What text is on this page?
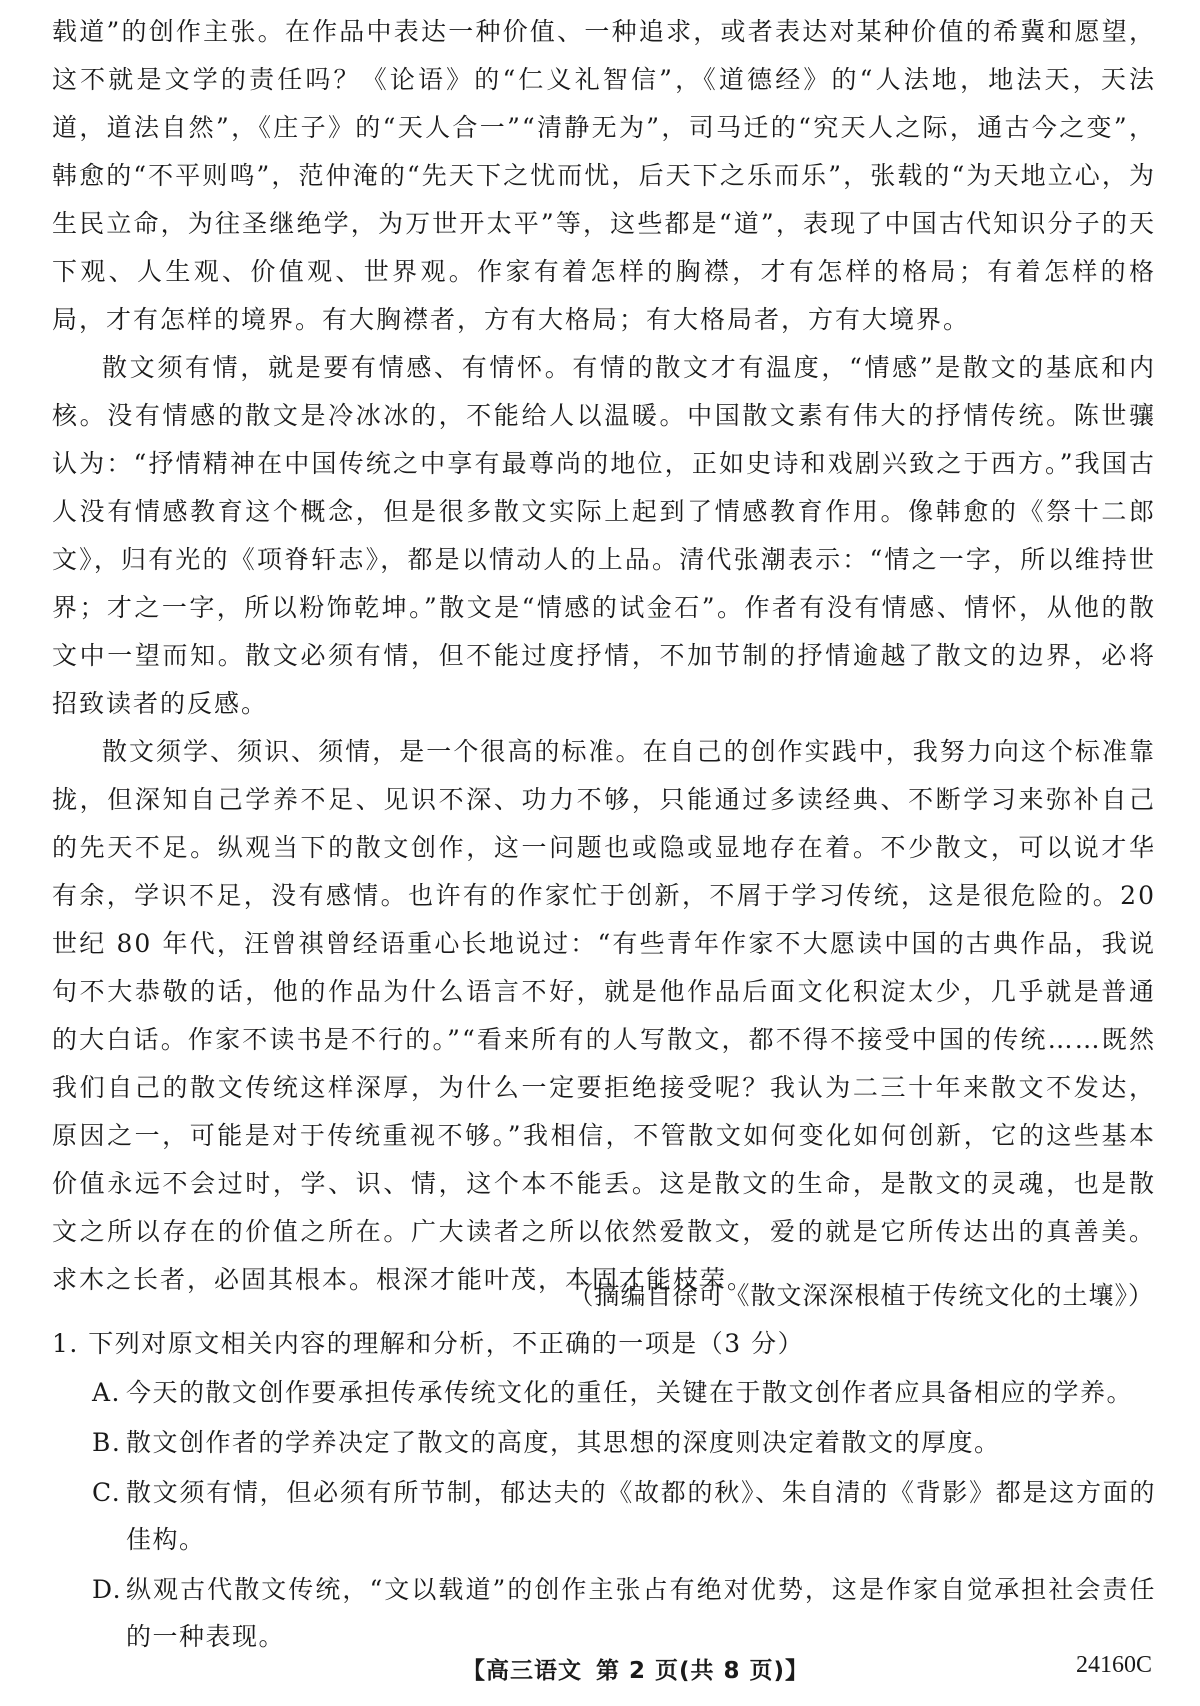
载道”的创作主张。在作品中表达一种价值、一种追求，或者表达对某种价值的希冀和愿望，这不就是文学的责任吗？《论语》的“仁义礼智信”，《道德经》的“人法地，地法天，天法道，道法自然”，《庄子》的“天人合一”“清静无为”，司马迁的“究天人之际，通古今之变”，韩愈的“不平则鸣”，范仲淹的“先天下之忧而忧，后天下之乐而乐”，张载的“为天地立心，为生民立命，为往圣继绝学，为万世开太平”等，这些都是“道”，表现了中国古代知识分子的天下观、人生观、价值观、世界观。作家有着怎样的胸襟，才有怎样的格局；有着怎样的格局，才有怎样的境界。有大胸襟者，方有大格局；有大格局者，方有大境界。

散文须有情，就是要有情感、有情怀。有情的散文才有温度，“情感”是散文的基底和内核。没有情感的散文是冷冰冰的，不能给人以温暖。中国散文素有伟大的抒情传统。陈世骧认为：“抒情精神在中国传统之中享有最尊尚的地位，正如史诗和戏剧兴致之于西方。”我国古人没有情感教育这个概念，但是很多散文实际上起到了情感教育作用。像韩愈的《祭十二郎文》，归有光的《项脊轩志》，都是以情动人的上品。清代张潮表示：“情之一字，所以维持世界；才之一字，所以粉饰乾坤。”散文是“情感的试金石”。作者有没有情感、情怀，从他的散文中一望而知。散文必须有情，但不能过度抒情，不加节制的抒情逾越了散文的边界，必将招致读者的反感。

散文须学、须识、须情，是一个很高的标准。在自己的创作实践中，我努力向这个标准靠拢，但深知自己学养不足、见识不深、功力不够，只能通过多读经典、不断学习来弥补自己的先天不足。纵观当下的散文创作，这一问题也或隐或显地存在着。不少散文，可以说才华有余，学识不足，没有感情。也许有的作家忙于创新，不屑于学习传统，这是很危险的。20 世纪 80 年代，汪曾祺曾经语重心长地说过：“有些青年作家不大愿读中国的古典作品，我说句不大恭敬的话，他的作品为什么语言不好，就是他作品后面文化积淀太少，几乎就是普通的大白话。作家不读书是不行的。”“看来所有的人写散文，都不得不接受中国的传统……既然我们自己的散文传统这样深厚，为什么一定要拒绝接受呢？我认为二三十年来散文不发达，原因之一，可能是对于传统重视不够。”我相信，不管散文如何变化如何创新，它的这些基本价值永远不会过时，学、识、情，这个本不能丢。这是散文的生命，是散文的灵魂，也是散文之所以存在的价值之所在。广大读者之所以依然爱散文，爱的就是它所传达出的真善美。求木之长者，必固其根本。根深才能叶茂，本固才能枝荣。

（摘编自徐可《散文深深根植于传统文化的土壤》）
1. 下列对原文相关内容的理解和分析，不正确的一项是（3 分）
A. 今天的散文创作要承担传承传统文化的重任，关键在于散文创作者应具备相应的学养。
B. 散文创作者的学养决定了散文的高度，其思想的深度则决定着散文的厚度。
C. 散文须有情，但必须有所节制，郁达夫的《故都的秋》、朱自清的《背影》都是这方面的佳构。
D. 纵观古代散文传统，“文以载道”的创作主张占有绝对优势，这是作家自觉承担社会责任的一种表现。
【高三语文 第 2 页(共 8 页)】	24160C
